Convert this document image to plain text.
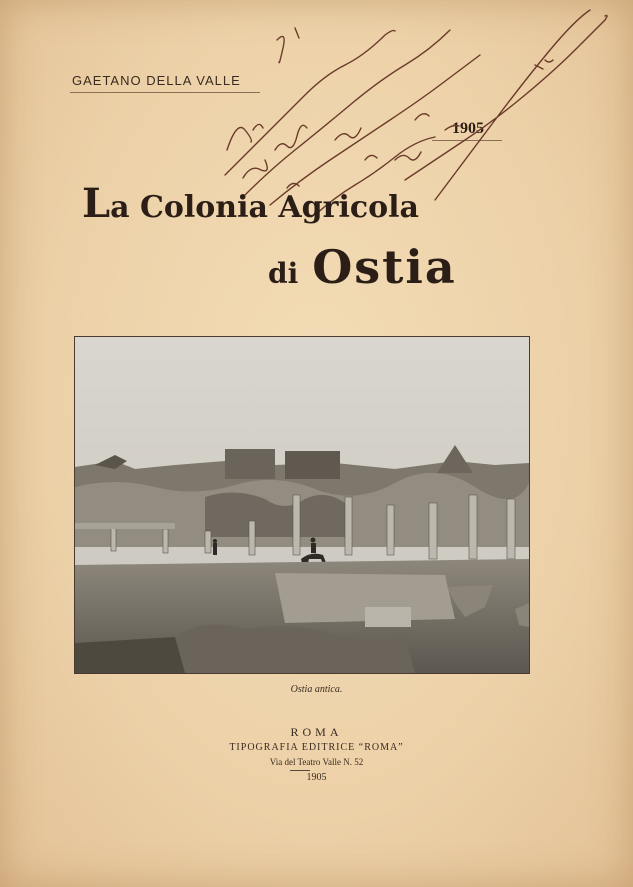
GAETANO DELLA VALLE
1905
La Colonia Agricola
di Ostia
Ostia antica.
ROMA
TIPOGRAFIA EDITRICE “ROMA”
Via del Teatro Valle N. 52
1905
